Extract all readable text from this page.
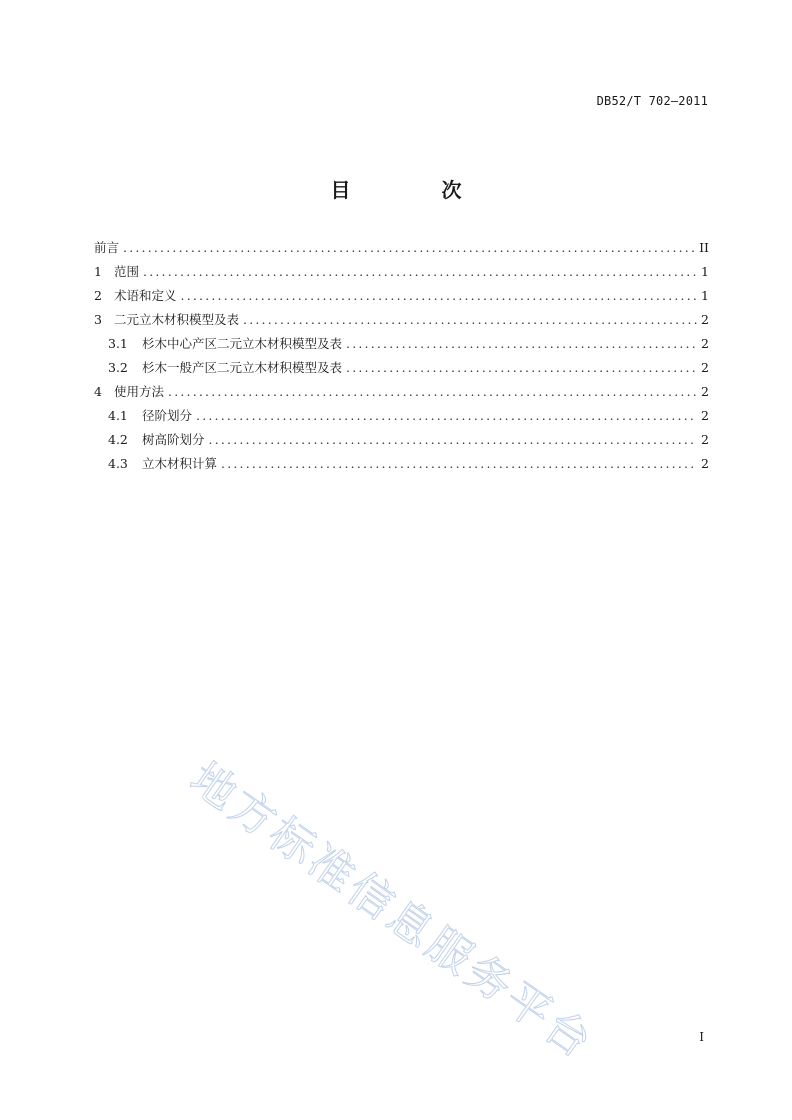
DB52/T 702—2011
目 次
前言 .....	II
1 范围 .....	1
2 术语和定义 .....	1
3 二元立木材积模型及表 .....	2
3.1	杉木中心产区二元立木材积模型及表 .....	2
3.2	杉木一般产区二元立木材积模型及表 .....	2
4 使用方法 .....	2
4.1	径阶划分 .....	2
4.2	树高阶划分 .....	2
4.3	立木材积计算 .....	2
地方标准信息服务平台	I
